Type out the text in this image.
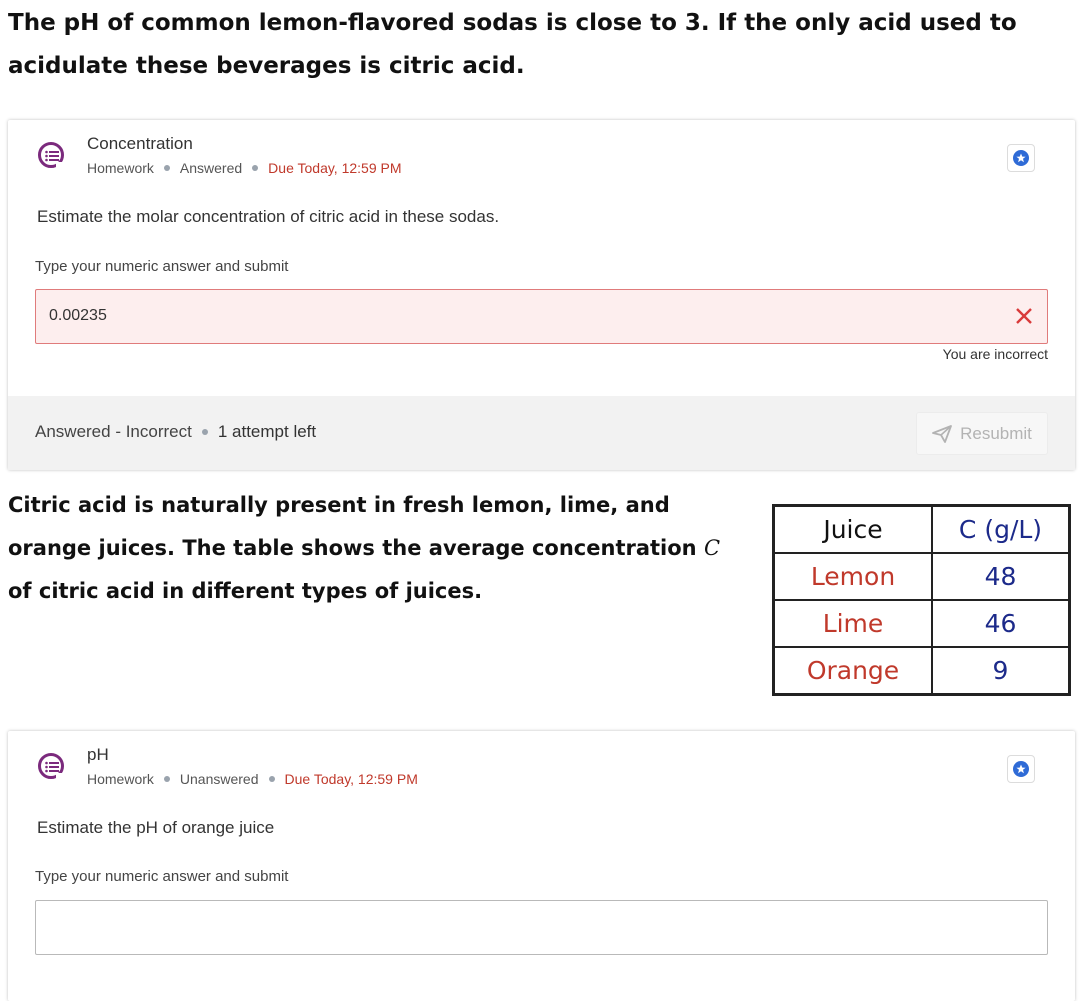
The pH of common lemon-flavored sodas is close to 3. If the only acid used to acidulate these beverages is citric acid.

Concentration
Homework Answered Due Today, 12:59 PM
Estimate the molar concentration of citric acid in these sodas.
Type your numeric answer and submit
0.00235
You are incorrect
Answered - Incorrect 1 attempt left	Resubmit

Citric acid is naturally present in fresh lemon, lime, and orange juices. The table shows the average concentration C of citric acid in different types of juices.

Juice	C (g/L)
Lemon	48
Lime	46
Orange	9
pH
Homework Unanswered Due Today, 12:59 PM
Estimate the pH of orange juice
Type your numeric answer and submit
